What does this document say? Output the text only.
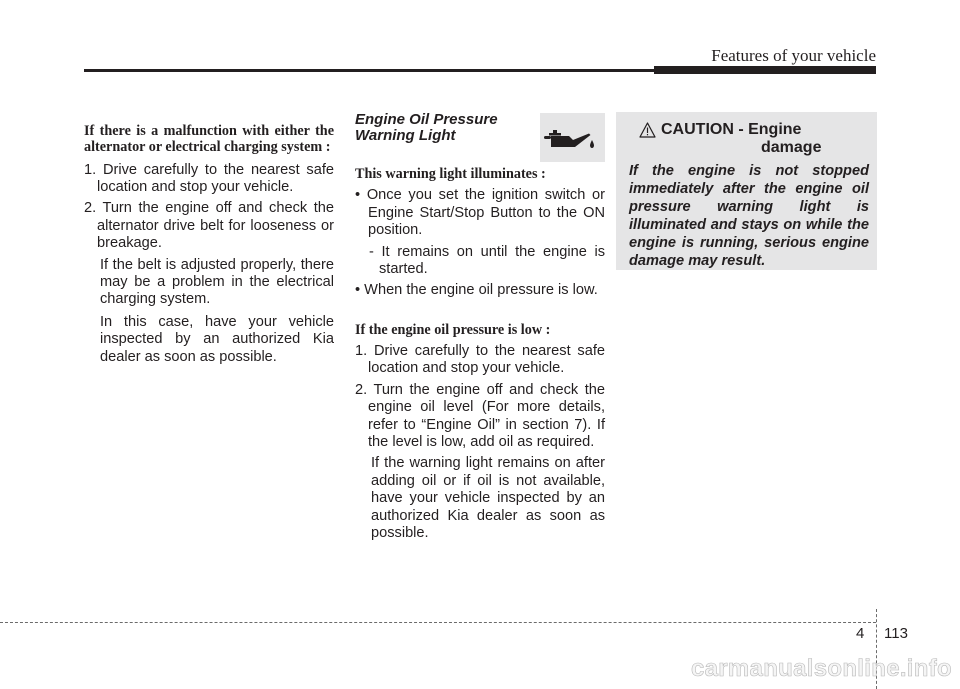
Features of your vehicle

If there is a malfunction with either the alternator or electrical charging system :

1. Drive carefully to the nearest safe location and stop your vehicle.

2. Turn the engine off and check the alternator drive belt for looseness or breakage.

If the belt is adjusted properly, there may be a problem in the electrical charging system.

In this case, have your vehicle inspected by an authorized Kia dealer as soon as possible.

Engine Oil Pressure
Warning Light

This warning light illuminates :

• Once you set the ignition switch or Engine Start/Stop Button to the ON position.

- It remains on until the engine is started.

• When the engine oil pressure is low.

If the engine oil pressure is low :

1. Drive carefully to the nearest safe location and stop your vehicle.

2. Turn the engine off and check the engine oil level (For more details, refer to “Engine Oil” in section 7). If the level is low, add oil as required.

If the warning light remains on after adding oil or if oil is not available, have your vehicle inspected by an authorized Kia dealer as soon as possible.

CAUTION - Engine
damage
If the engine is not stopped immediately after the engine oil pressure warning light is illuminated and stays on while the engine is running, serious engine damage may result.
4 113
carmanualsonline.info
